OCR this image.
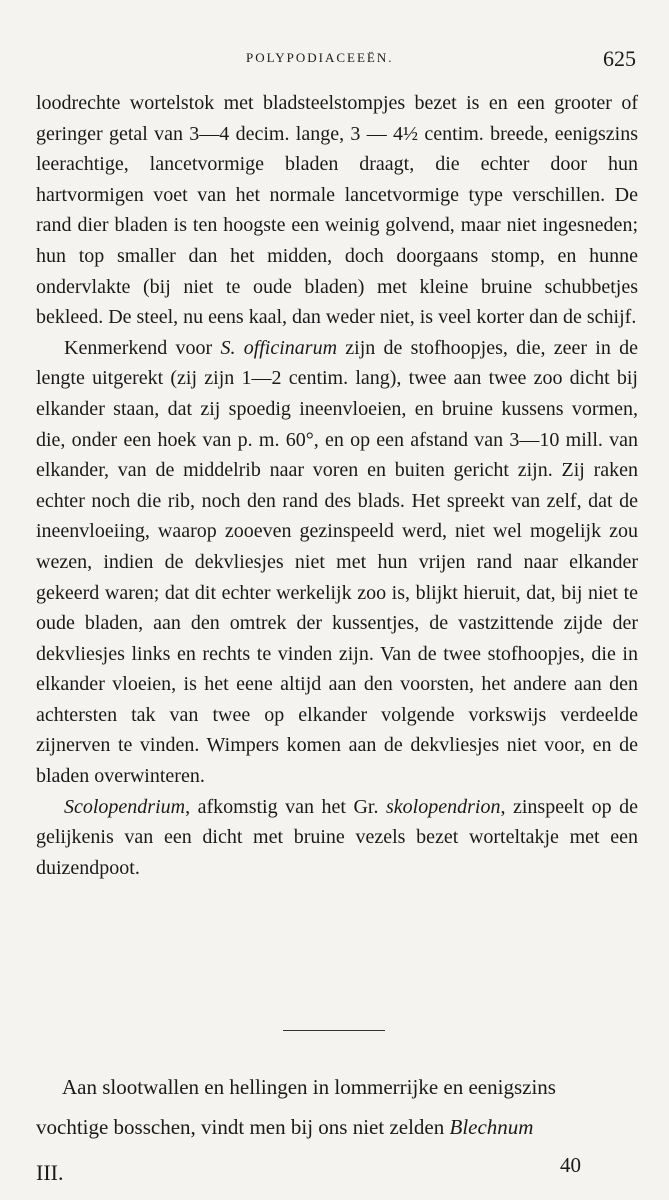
POLYPODIACEEËN.	625

loodrechte wortelstok met bladsteelstompjes bezet is en een grooter of geringer getal van 3—4 decim. lange, 3 — 4½ centim. breede, eenigszins leerachtige, lancetvormige bladen draagt, die echter door hun hartvormigen voet van het normale lancetvormige type verschillen. De rand dier bladen is ten hoogste een weinig golvend, maar niet ingesneden; hun top smaller dan het midden, doch doorgaans stomp, en hunne ondervlakte (bij niet te oude bladen) met kleine bruine schubbetjes bekleed. De steel, nu eens kaal, dan weder niet, is veel korter dan de schijf.

Kenmerkend voor S. officinarum zijn de stofhoopjes, die, zeer in de lengte uitgerekt (zij zijn 1—2 centim. lang), twee aan twee zoo dicht bij elkander staan, dat zij spoedig ineenvloeien, en bruine kussens vormen, die, onder een hoek van p. m. 60°, en op een afstand van 3—10 mill. van elkander, van de middelrib naar voren en buiten gericht zijn. Zij raken echter noch die rib, noch den rand des blads. Het spreekt van zelf, dat de ineenvloeiing, waarop zooeven gezinspeeld werd, niet wel mogelijk zou wezen, indien de dekvliesjes niet met hun vrijen rand naar elkander gekeerd waren; dat dit echter werkelijk zoo is, blijkt hieruit, dat, bij niet te oude bladen, aan den omtrek der kussentjes, de vastzittende zijde der dekvliesjes links en rechts te vinden zijn. Van de twee stofhoopjes, die in elkander vloeien, is het eene altijd aan den voorsten, het andere aan den achtersten tak van twee op elkander volgende vorkswijs verdeelde zijnerven te vinden. Wimpers komen aan de dekvliesjes niet voor, en de bladen overwinteren.

Scolopendrium, afkomstig van het Gr. skolopendrion, zinspeelt op de gelijkenis van een dicht met bruine vezels bezet worteltakje met een duizendpoot.

Aan slootwallen en hellingen in lommerrijke en eenigszins
vochtige bosschen, vindt men bij ons niet zelden Blechnum
III.	40
